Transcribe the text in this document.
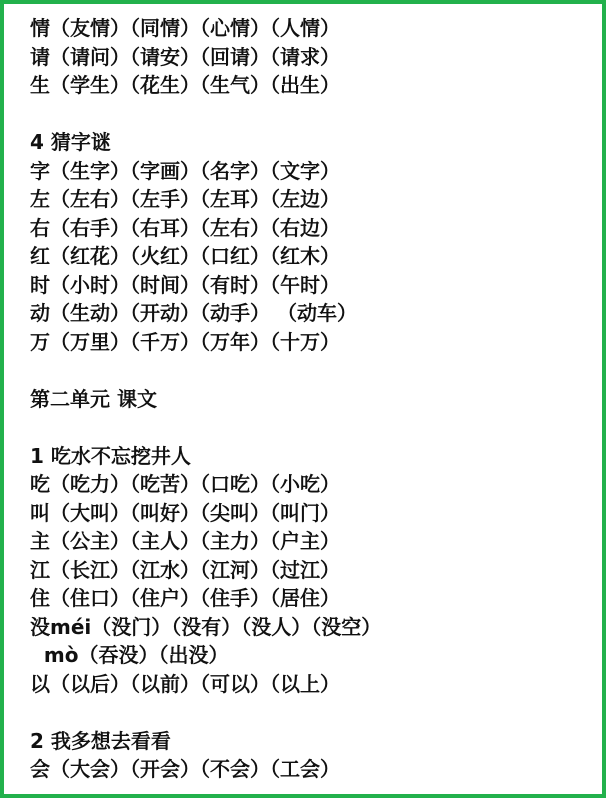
情（友情）（同情）（心情）（人情）
请（请问）（请安）（回请）（请求）
生（学生）（花生）（生气）（出生）
4 猜字谜
字（生字）（字画）（名字）（文字）
左（左右）（左手）（左耳）（左边）
右（右手）（右耳）（左右）（右边）
红（红花）（火红）（口红）（红木）
时（小时）（时间）（有时）（午时）
动（生动）（开动）（动手） （动车）
万（万里）（千万）（万年）（十万）
第二单元 课文
1 吃水不忘挖井人
吃（吃力）（吃苦）（口吃）（小吃）
叫（大叫）（叫好）（尖叫）（叫门）
主（公主）（主人）（主力）（户主）
江（长江）（江水）（江河）（过江）
住（住口）（住户）（住手）（居住）
没méi（没门）（没有）（没人）（没空）
mò（吞没）（出没）
以（以后）（以前）（可以）（以上）
2 我多想去看看
会（大会）（开会）（不会）（工会）
